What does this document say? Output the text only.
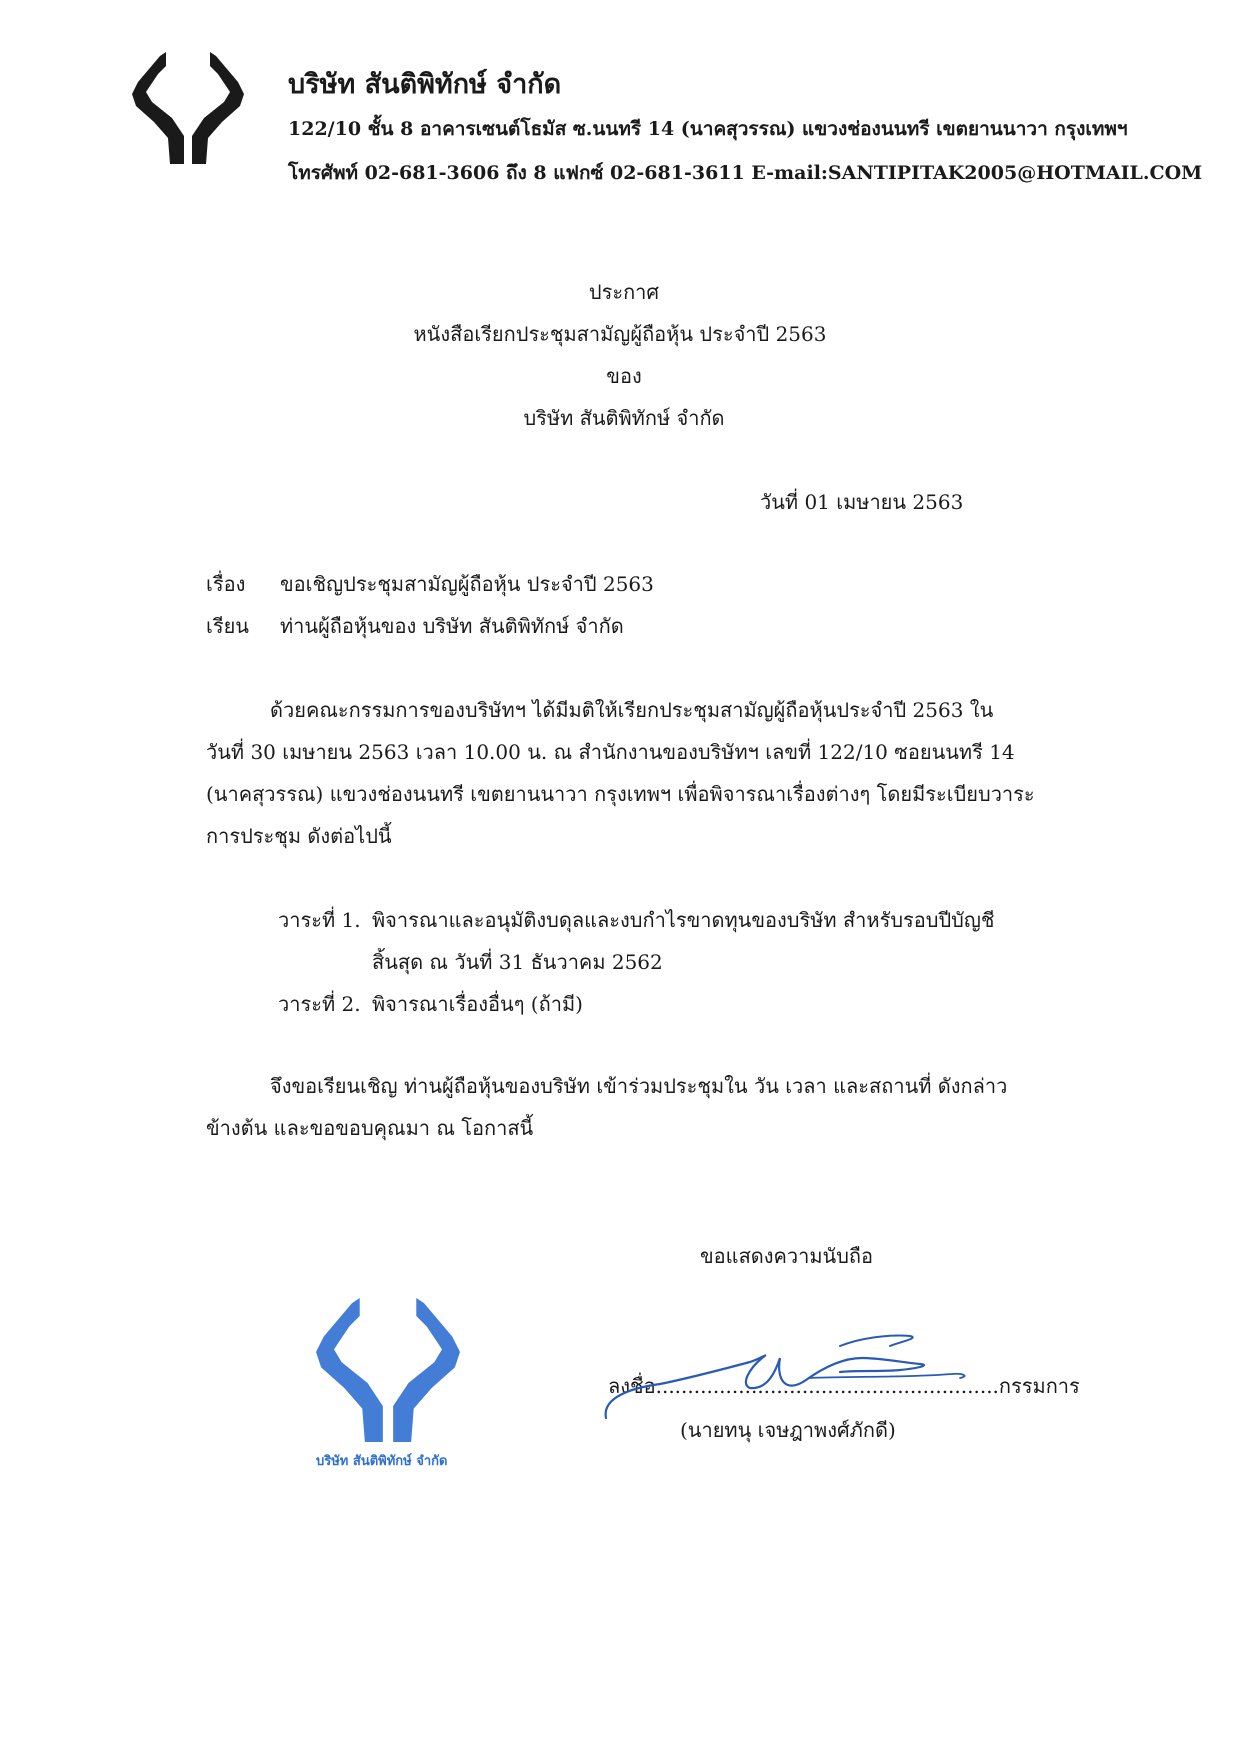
บริษัท สันติพิทักษ์ จำกัด
122/10 ชั้น 8 อาคารเซนต์โธมัส ซ.นนทรี 14 (นาคสุวรรณ) แขวงช่องนนทรี เขตยานนาวา กรุงเทพฯ
โทรศัพท์ 02-681-3606 ถึง 8 แฟกซ์ 02-681-3611 E-mail:SANTIPITAK2005@HOTMAIL.COM
ประกาศ
หนังสือเรียกประชุมสามัญผู้ถือหุ้น ประจำปี 2563
ของ
บริษัท สันติพิทักษ์ จำกัด
วันที่ 01 เมษายน 2563
เรื่อง ขอเชิญประชุมสามัญผู้ถือหุ้น ประจำปี 2563
เรียน ท่านผู้ถือหุ้นของ บริษัท สันติพิทักษ์ จำกัด
ด้วยคณะกรรมการของบริษัทฯ ได้มีมติให้เรียกประชุมสามัญผู้ถือหุ้นประจำปี 2563 ใน
วันที่ 30 เมษายน 2563 เวลา 10.00 น. ณ สำนักงานของบริษัทฯ เลขที่ 122/10 ซอยนนทรี 14
(นาคสุวรรณ) แขวงช่องนนทรี เขตยานนาวา กรุงเทพฯ เพื่อพิจารณาเรื่องต่างๆ โดยมีระเบียบวาระ
การประชุม ดังต่อไปนี้
วาระที่ 1. พิจารณาและอนุมัติงบดุลและงบกำไรขาดทุนของบริษัท สำหรับรอบปีบัญชี
สิ้นสุด ณ วันที่ 31 ธันวาคม 2562
วาระที่ 2. พิจารณาเรื่องอื่นๆ (ถ้ามี)
จึงขอเรียนเชิญ ท่านผู้ถือหุ้นของบริษัท เข้าร่วมประชุมใน วัน เวลา และสถานที่ ดังกล่าว
ข้างต้น และขอขอบคุณมา ณ โอกาสนี้
ขอแสดงความนับถือ
ลงชื่อ......................................................กรรมการ
(นายทนุ เจษฎาพงศ์ภักดี)
บริษัท สันติพิทักษ์ จำกัด
